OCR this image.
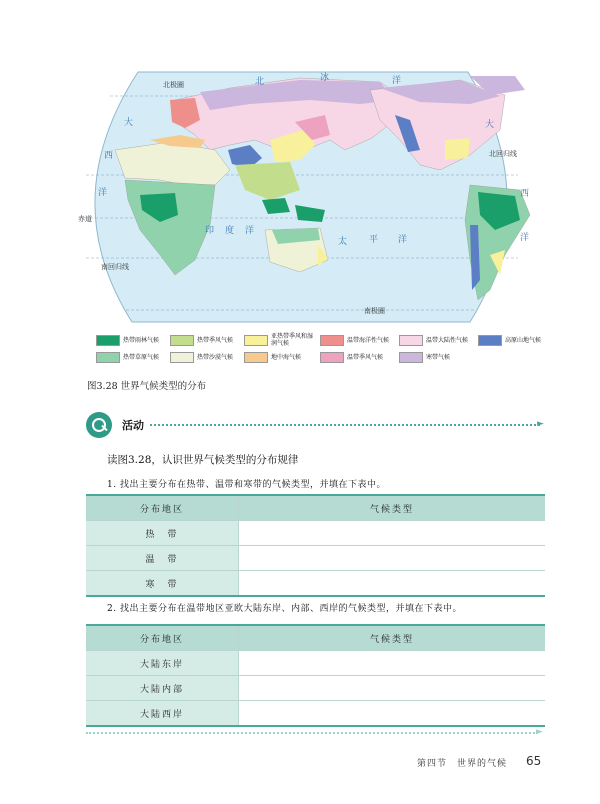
北极圈
北回归线
赤道
南回归线
南极圈
北	冰	洋
大
西
洋
太 平 洋
印 度 洋
大
西
洋
热带雨林气候	热带季风气候	亚热带季风和湿润气候	温带海洋性气候	温带大陆性气候	高原山地气候
热带草原气候	热带沙漠气候	地中海气候	温带季风气候	寒带气候
图3.28 世界气候类型的分布
活动	►
读图3.28，认识世界气候类型的分布规律
1. 找出主要分布在热带、温带和寒带的气候类型，并填在下表中。
分布地区	气候类型
热　带	
温　带	
寒　带	
2. 找出主要分布在温带地区亚欧大陆东岸、内部、西岸的气候类型，并填在下表中。
分布地区	气候类型
大陆东岸	
大陆内部	
大陆西岸	
►
第四节　世界的气候 65
